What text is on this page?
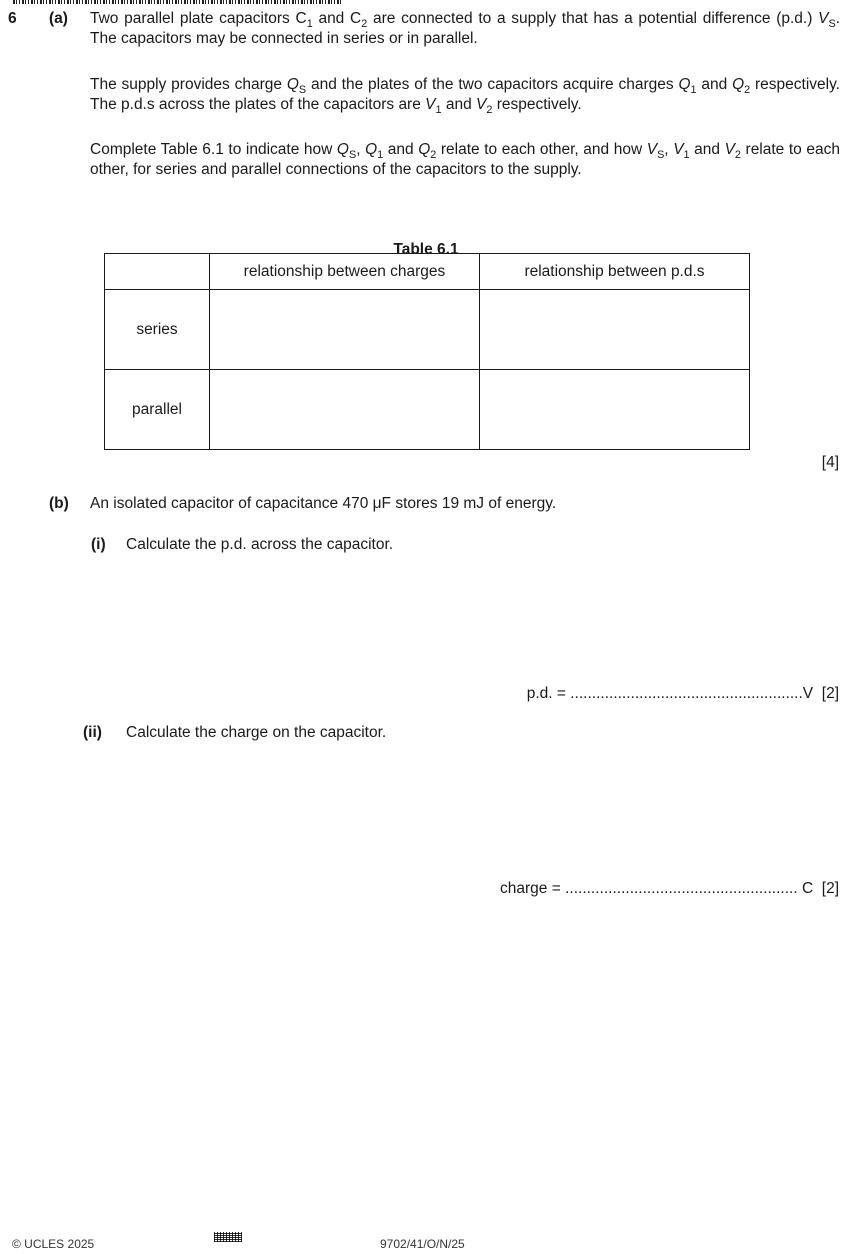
6 (a) Two parallel plate capacitors $C_1$ and $C_2$ are connected to a supply that has a potential difference (p.d.) $V_S$. The capacitors may be connected in series or in parallel.
The supply provides charge $Q_S$ and the plates of the two capacitors acquire charges $Q_1$ and $Q_2$ respectively. The p.d.s across the plates of the capacitors are $V_1$ and $V_2$ respectively.
Complete Table 6.1 to indicate how $Q_S$, $Q_1$ and $Q_2$ relate to each other, and how $V_S$, $V_1$ and $V_2$ relate to each other, for series and parallel connections of the capacitors to the supply.
Table 6.1
	relationship between charges	relationship between p.d.s
series		
parallel		
[4]
(b) An isolated capacitor of capacitance 470 μF stores 19 mJ of energy.
(i) Calculate the p.d. across the capacitor.
p.d. = ......................................................V [2]
(ii) Calculate the charge on the capacitor.
charge = ...................................................... C [2]
© UCLES 2025	9702/41/O/N/25
